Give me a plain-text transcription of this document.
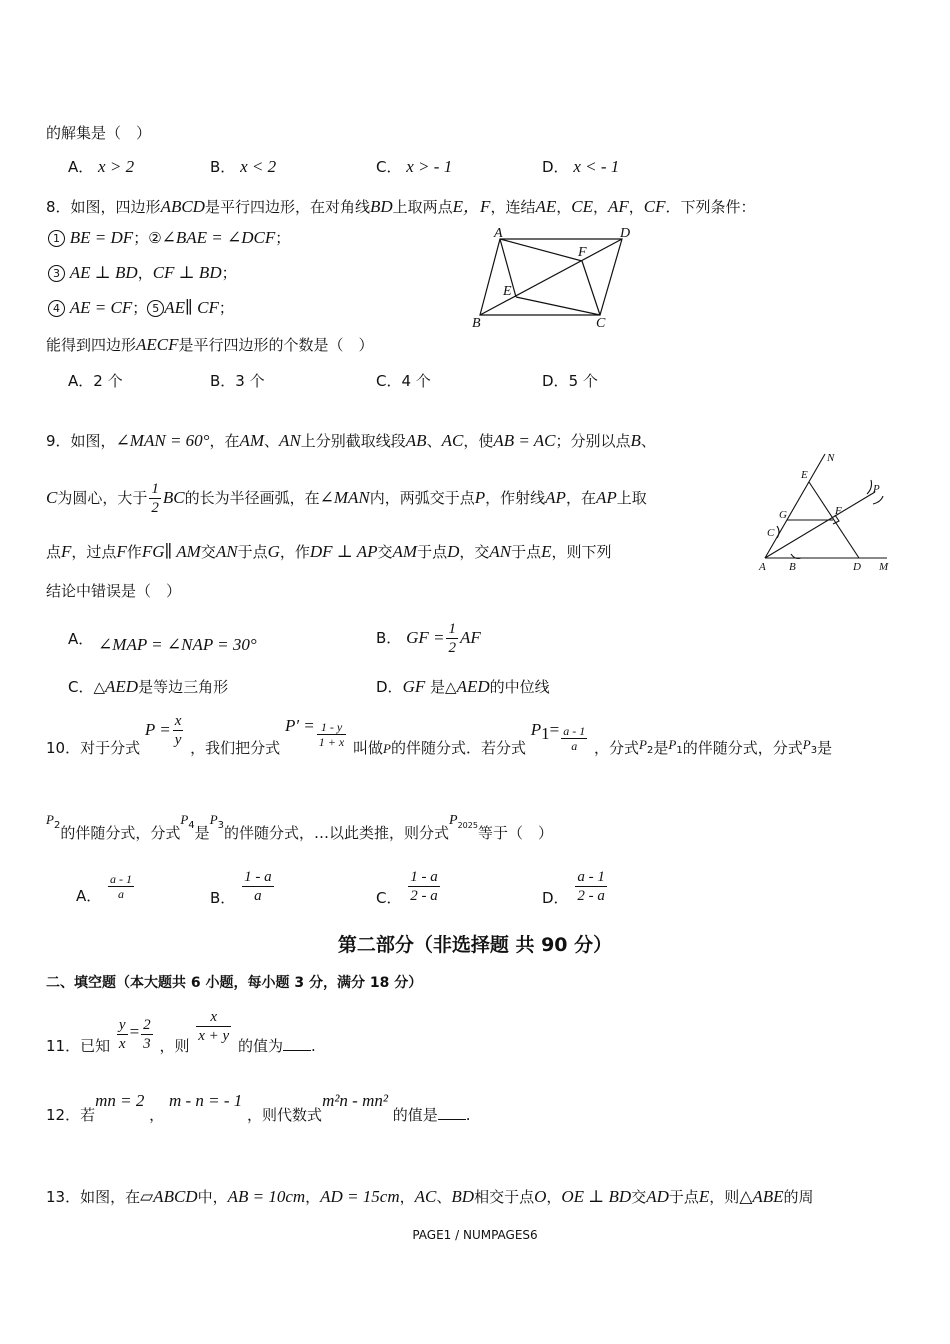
的解集是（　）
A． x > 2	B． x < 2	C． x > - 1	D． x < - 1
8．如图，四边形ABCD是平行四边形，在对角线BD上取两点E，F，连结AE，CE，AF，CF．下列条件：
1 BE = DF；②∠BAE = ∠DCF；
3 AE ⊥ BD，CF ⊥ BD；
4 AE = CF； 5 AE∥ CF；
能得到四边形AECF是平行四边形的个数是（　）
A．2 个	B．3 个	C．4 个	D．5 个
A	D
B	C
E
F
9．如图，∠MAN = 60°，在AM、AN上分别截取线段AB、AC，使AB = AC；分别以点B、
C为圆心，大于 $\frac{1}{2}$ BC的长为半径画弧，在∠MAN内，两弧交于点P，作射线AP，在AP上取
点F，过点F作FG∥ AM交AN于点G，作DF ⊥ AP交AM于点D，交AN于点E，则下列
结论中错误是（　）
A． ∠MAP = ∠NAP = 30°	B． GF = $\frac{1}{2}$ AF
C．△AED是等边三角形	D．GF 是△AED的中位线
N
E
G	F
P
C
A B	D M
10．对于分式 $P = \frac{x}{y}$ ，我们把分式 $P' = \frac{1 - y}{1 + x}$ 叫做P的伴随分式．若分式 $P_1= \frac{a - 1}{a}$ ，分式$P_2$是$P_1$的伴随分式，分式$P_3$是
$P_2$的伴随分式，分式$P_4$是$P_3$的伴随分式，…以此类推，则分式$P_{2025}$等于（　）
A． $\frac{a - 1}{a}$	B． $\frac{1 - a}{a}$	C． $\frac{1 - a}{2 - a}$	D． $\frac{a - 1}{2 - a}$
第二部分（非选择题 共 90 分）
二、填空题（本大题共 6 小题，每小题 3 分，满分 18 分）
11．已知 $\frac{y}{x} = \frac{2}{3}$ ，则
$\frac{x}{x + y}$
的值为 .
12．若mn = 2 ， m - n = - 1 ，则代数式m²n - mn² 的值是 .
13．如图，在▱ABCD中，AB = 10cm，AD = 15cm，AC、BD相交于点O，OE ⊥ BD交AD于点E，则△ABE的周
PAGE1 / NUMPAGES6
